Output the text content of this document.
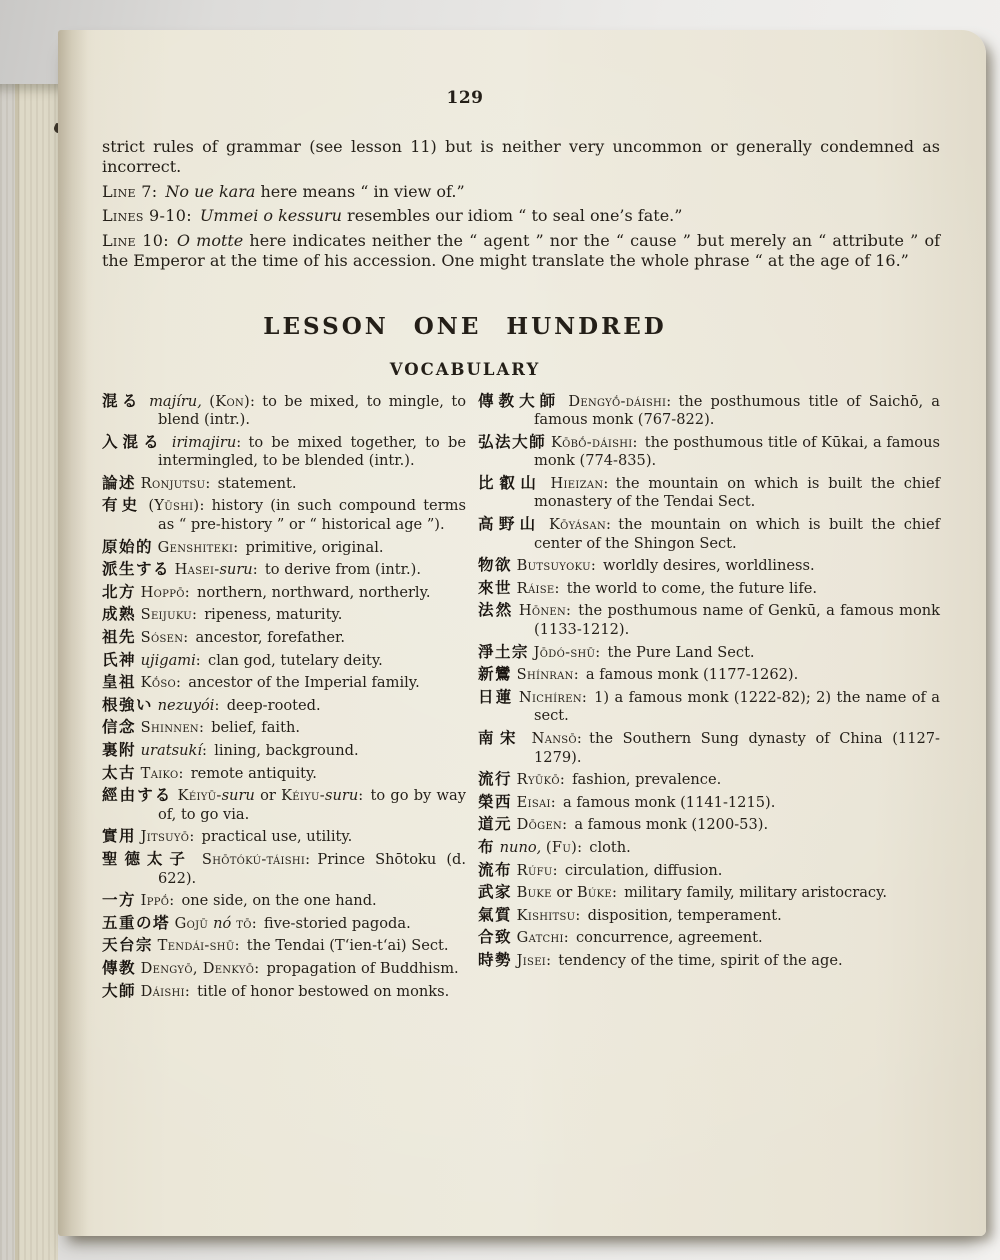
129

strict rules of grammar (see lesson 11) but is neither very uncommon or generally condemned as incorrect.

Line 7:  No ue kara here means “ in view of.”

Lines 9-10:  Ummei o kessuru resembles our idiom “ to seal one’s fate.”

Line 10:  O motte here indicates neither the “ agent ” nor the “ cause ” but merely an “ attribute ” of the Emperor at the time of his accession. One might translate the whole phrase “ at the age of 16.”

LESSON ONE HUNDRED
VOCABULARY
混る majíru, (Kon): to be mixed, to mingle, to blend (intr.).
入混る irimajiru: to be mixed together, to be intermingled, to be blended (intr.).
論述 Ronjutsu: statement.
有史 (Yūshi): history (in such compound terms as “ pre-history ” or “ historical age ”).
原始的 Genshiteki: primitive, original.
派生する Hasei-suru: to derive from (intr.).
北方 Hoppō: northern, northward, northerly.
成熟 Seijuku: ripeness, maturity.
祖先 Sósen: ancestor, forefather.
氏神 ujigami: clan god, tutelary deity.
皇祖 Kṓso: ancestor of the Imperial family.
根強い nezuyói: deep-rooted.
信念 Shinnen: belief, faith.
裏附 uratsukí: lining, background.
太古 Taiko: remote antiquity.
經由する Kéiyū-suru or Kéiyu-suru: to go by way of, to go via.
實用 Jitsuyō: practical use, utility.
聖德太子 Shōtókú-táishi: Prince Shōtoku (d. 622).
一方 Ippṓ: one side, on the one hand.
五重の塔 Gojū nó tō: five-storied pagoda.
天台宗 Tendái-shū: the Tendai (T‘ien-t‘ai) Sect.
傳教 Dengyō, Denkyō: propagation of Buddhism.
大師 Dáishi: title of honor bestowed on monks.
傳教大師 Dengyṓ-dáishi: the posthumous title of Saichō, a famous monk (767-822).
弘法大師 Kōbṓ-dáishi: the posthumous title of Kūkai, a famous monk (774-835).
比叡山 Hieizan: the mountain on which is built the chief monastery of the Tendai Sect.
高野山 Kōyásan: the mountain on which is built the chief center of the Shingon Sect.
物欲 Butsuyoku: worldly desires, worldliness.
來世 Ráise: the world to come, the future life.
法然 Hōnen: the posthumous name of Genkū, a famous monk (1133-1212).
淨土宗 Jōdó-shū: the Pure Land Sect.
新鸞 Shínran: a famous monk (1177-1262).
日蓮 Nichíren: 1) a famous monk (1222-82); 2) the name of a sect.
南宋 Nansō: the Southern Sung dynasty of China (1127-1279).
流行 Ryūkō: fashion, prevalence.
榮西 Eisai: a famous monk (1141-1215).
道元 Dōgen: a famous monk (1200-53).
布 nuno, (Fu): cloth.
流布 Rúfu: circulation, diffusion.
武家 Buke or Búke: military family, military aristocracy.
氣質 Kishitsu: disposition, temperament.
合致 Gatchi: concurrence, agreement.
時勢 Jisei: tendency of the time, spirit of the age.
